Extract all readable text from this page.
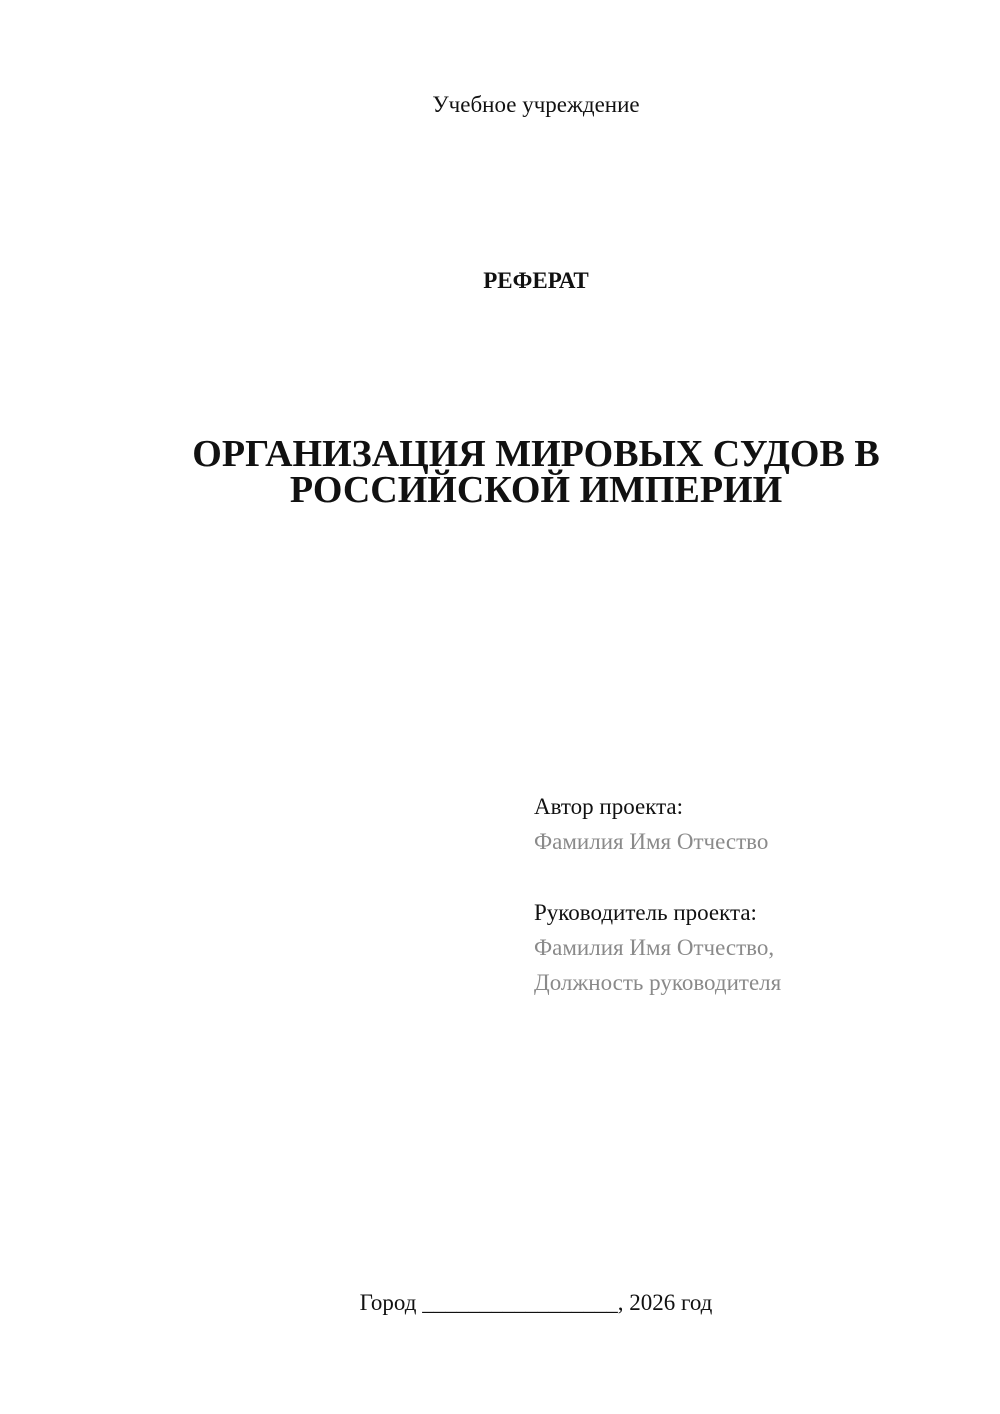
Учебное учреждение
РЕФЕРАТ
ОРГАНИЗАЦИЯ МИРОВЫХ СУДОВ В
РОССИЙСКОЙ ИМПЕРИИ
Автор проекта:
Фамилия Имя Отчество
Руководитель проекта:
Фамилия Имя Отчество,
Должность руководителя
Город _________________, 2026 год
